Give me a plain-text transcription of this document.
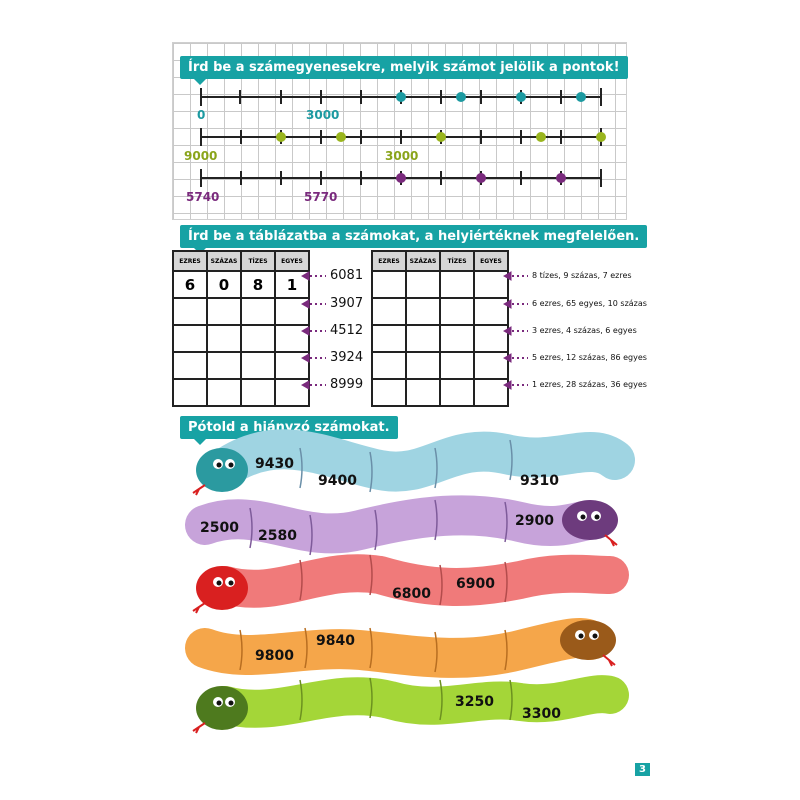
Írd be a számegyenesekre, melyik számot jelölik a pontok!
0	3000
9000	3000
5740	5770
Írd be a táblázatba a számokat, a helyiértéknek megfelelően.
EZRES	SZÁZAS	TÍZES	EGYES
6	0	8	1

EZRES	SZÁZAS	TÍZES	EGYES

6081
3907
4512
3924
8999
8 tízes, 9 százas, 7 ezres
6 ezres, 65 egyes, 10 százas
3 ezres, 4 százas, 6 egyes
5 ezres, 12 százas, 86 egyes
1 ezres, 28 százas, 36 egyes
Pótold a hiányzó számokat.
9430
9400	9310
2500 2580
2900
6800
6900
9800
9840
3250
3300
3
